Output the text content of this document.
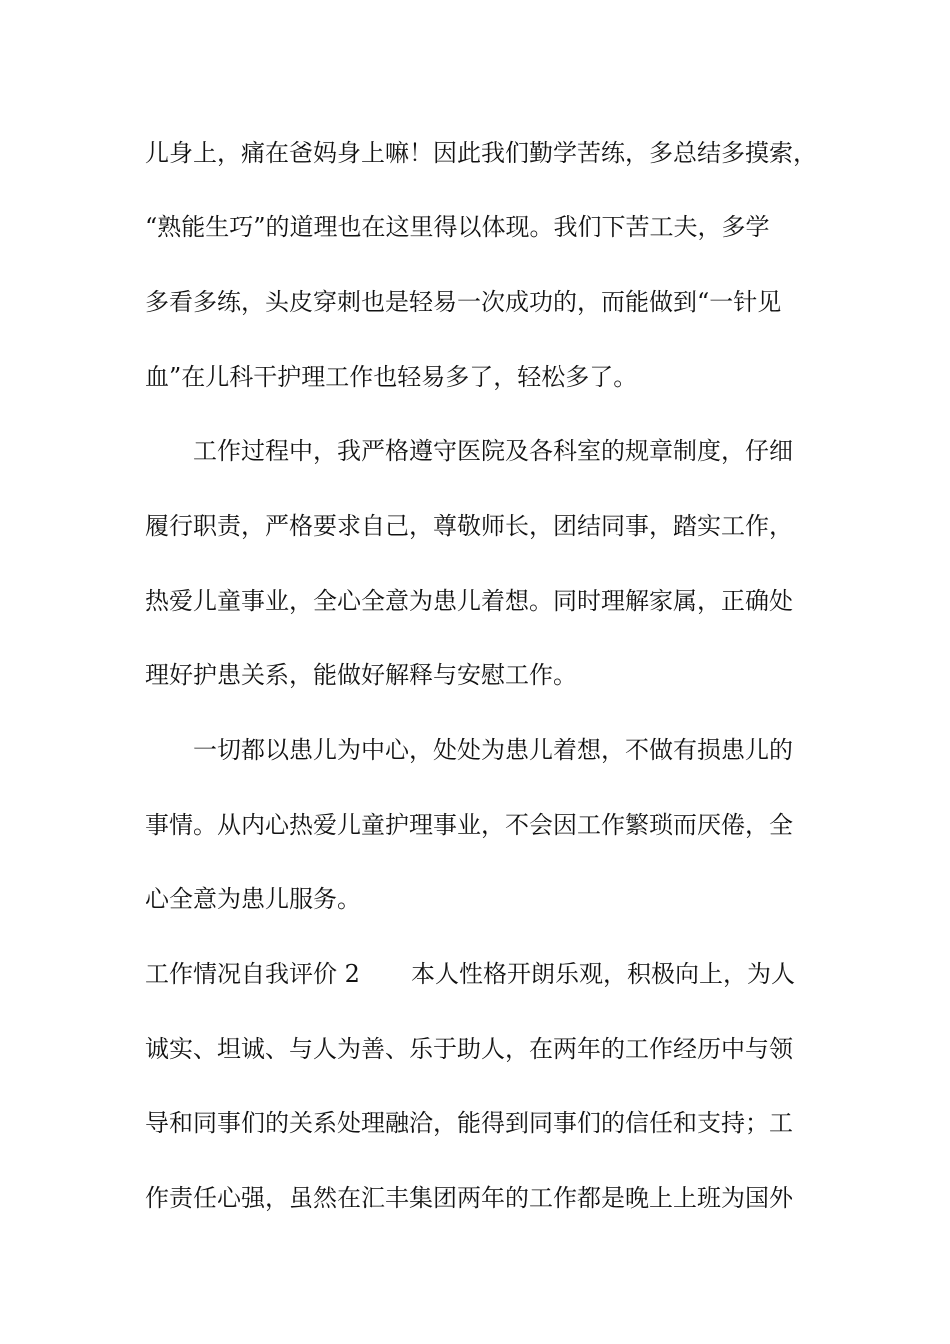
儿身上，痛在爸妈身上嘛！因此我们勤学苦练，多总结多摸索，
“熟能生巧”的道理也在这里得以体现。我们下苦工夫，多学
多看多练，头皮穿刺也是轻易一次成功的，而能做到“一针见
血”在儿科干护理工作也轻易多了，轻松多了。
工作过程中，我严格遵守医院及各科室的规章制度，仔细
履行职责，严格要求自己，尊敬师长，团结同事，踏实工作，
热爱儿童事业，全心全意为患儿着想。同时理解家属，正确处
理好护患关系，能做好解释与安慰工作。
一切都以患儿为中心，处处为患儿着想，不做有损患儿的
事情。从内心热爱儿童护理事业，不会因工作繁琐而厌倦，全
心全意为患儿服务。
工作情况自我评价 2 本人性格开朗乐观，积极向上，为人
诚实、坦诚、与人为善、乐于助人，在两年的工作经历中与领
导和同事们的关系处理融洽，能得到同事们的信任和支持；工
作责任心强，虽然在汇丰集团两年的工作都是晚上上班为国外
